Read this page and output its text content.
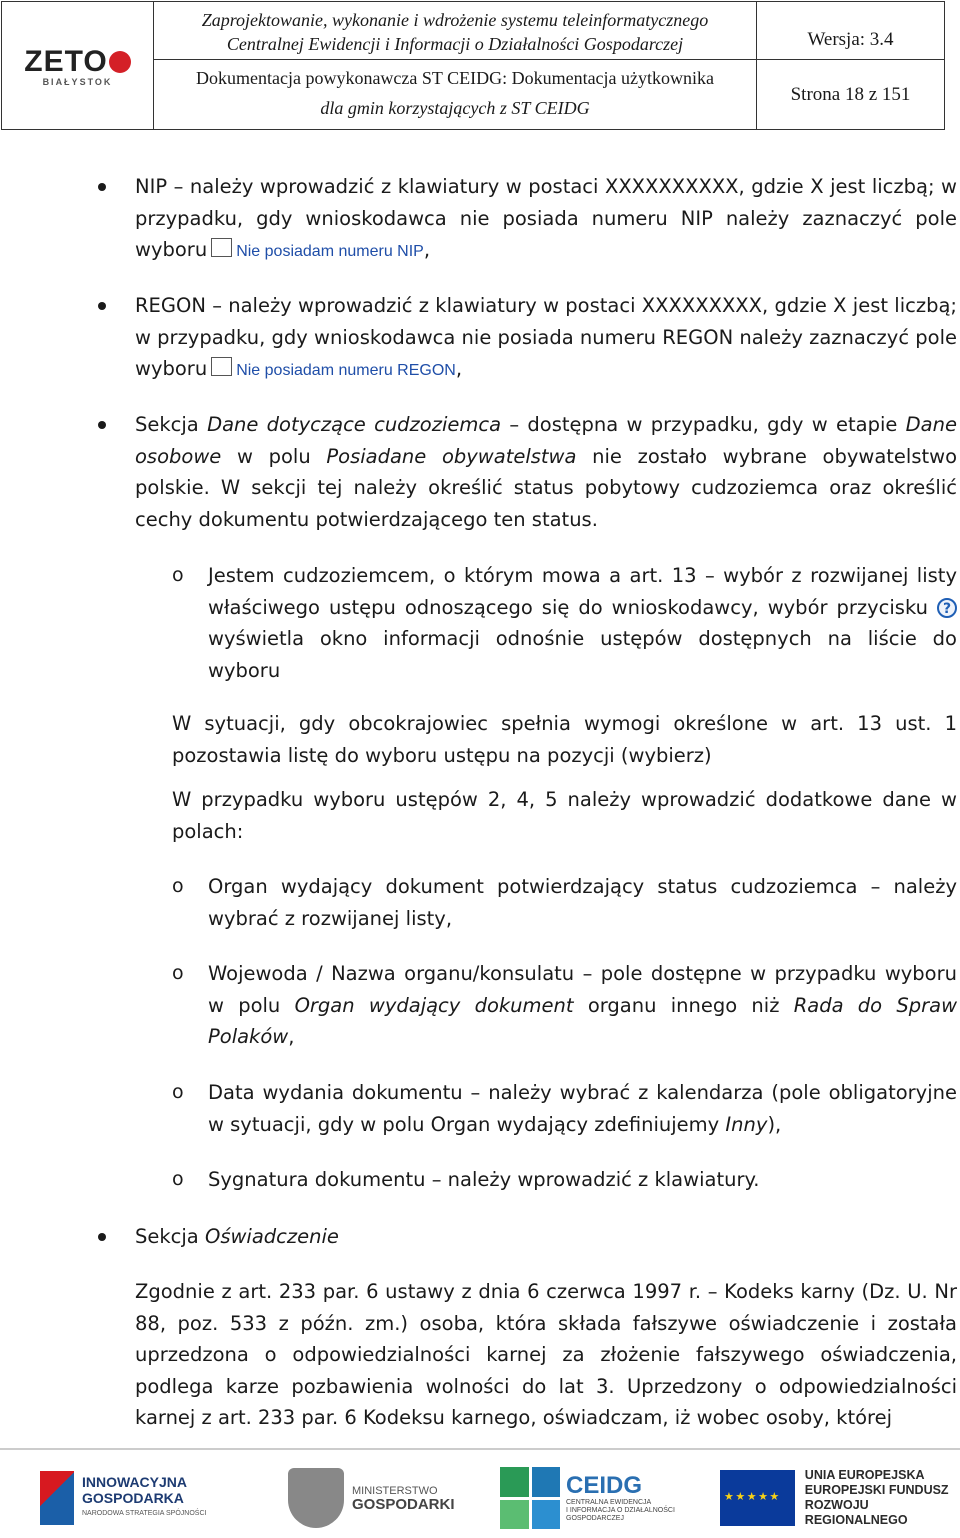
ZETO
BIAŁYSTOK
Zaprojektowanie, wykonanie i wdrożenie systemu teleinformatycznego
Centralnej Ewidencji i Informacji o Działalności Gospodarczej	Wersja: 3.4
Dokumentacja powykonawcza ST CEIDG: Dokumentacja użytkownika
dla gmin korzystających z ST CEIDG
Strona 18 z 151
NIP – należy wprowadzić z klawiatury w postaci XXXXXXXXXX, gdzie X jest liczbą; w przypadku, gdy wnioskodawca nie posiada numeru NIP należy zaznaczyć pole wyboru Nie posiadam numeru NIP,
REGON – należy wprowadzić z klawiatury w postaci XXXXXXXXX, gdzie X jest liczbą; w przypadku, gdy wnioskodawca nie posiada numeru REGON należy zaznaczyć pole wyboru Nie posiadam numeru REGON,
Sekcja Dane dotyczące cudzoziemca – dostępna w przypadku, gdy w etapie Dane osobowe w polu Posiadane obywatelstwa nie zostało wybrane obywatelstwo polskie. W sekcji tej należy określić status pobytowy cudzoziemca oraz określić cechy dokumentu potwierdzającego ten status.
o Jestem cudzoziemcem, o którym mowa a art. 13 – wybór z rozwijanej listy właściwego ustępu odnoszącego się do wnioskodawcy, wybór przycisku ? wyświetla okno informacji odnośnie ustępów dostępnych na liście do wyboru
W sytuacji, gdy obcokrajowiec spełnia wymogi określone w art. 13 ust. 1 pozostawia listę do wyboru ustępu na pozycji (wybierz)
W przypadku wyboru ustępów 2, 4, 5 należy wprowadzić dodatkowe dane w polach:
o Organ wydający dokument potwierdzający status cudzoziemca – należy wybrać z rozwijanej listy,
o Wojewoda / Nazwa organu/konsulatu – pole dostępne w przypadku wyboru w polu Organ wydający dokument organu innego niż Rada do Spraw Polaków,
o Data wydania dokumentu – należy wybrać z kalendarza (pole obligatoryjne w sytuacji, gdy w polu Organ wydający zdefiniujemy Inny),
o Sygnatura dokumentu – należy wprowadzić z klawiatury.
Sekcja Oświadczenie
Zgodnie z art. 233 par. 6 ustawy z dnia 6 czerwca 1997 r. – Kodeks karny (Dz. U. Nr 88, poz. 533 z późn. zm.) osoba, która składa fałszywe oświadczenie i została uprzedzona o odpowiedzialności karnej za złożenie fałszywego oświadczenia, podlega karze pozbawienia wolności do lat 3. Uprzedzony o odpowiedzialności karnej z art. 233 par. 6 Kodeksu karnego, oświadczam, iż wobec osoby, której
INNOWACYJNA
GOSPODARKA
NARODOWA STRATEGIA SPÓJNOŚCI
MINISTERSTWO
GOSPODARKI
CEIDG
CENTRALNA EWIDENCJA
I INFORMACJA O DZIAŁALNOŚCI
GOSPODARCZEJ
★ ★ ★ ★ ★
UNIA EUROPEJSKA
EUROPEJSKI FUNDUSZ
ROZWOJU REGIONALNEGO
